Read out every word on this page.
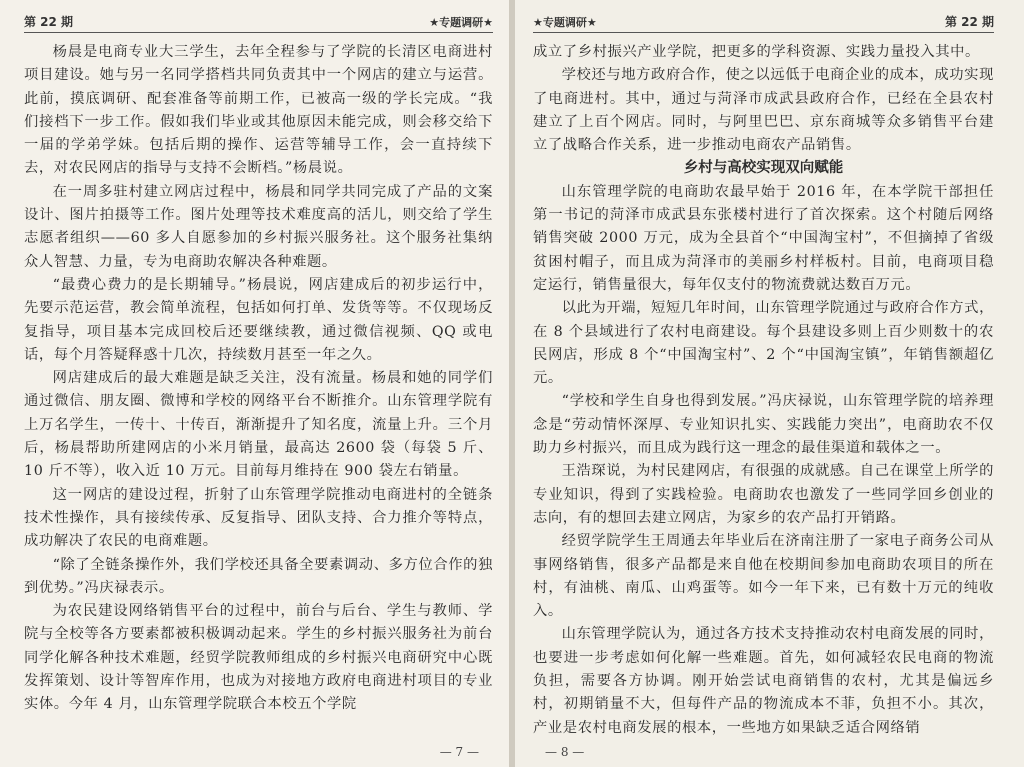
第 22 期	★专题调研★

杨晨是电商专业大三学生，去年全程参与了学院的长清区电商进村项目建设。她与另一名同学搭档共同负责其中一个网店的建立与运营。此前，摸底调研、配套准备等前期工作，已被高一级的学长完成。“我们接档下一步工作。假如我们毕业或其他原因未能完成，则会移交给下一届的学弟学妹。包括后期的操作、运营等辅导工作，会一直持续下去，对农民网店的指导与支持不会断档。”杨晨说。

在一周多驻村建立网店过程中，杨晨和同学共同完成了产品的文案设计、图片拍摄等工作。图片处理等技术难度高的活儿，则交给了学生志愿者组织——60 多人自愿参加的乡村振兴服务社。这个服务社集纳众人智慧、力量，专为电商助农解决各种难题。

“最费心费力的是长期辅导。”杨晨说，网店建成后的初步运行中，先要示范运营，教会简单流程，包括如何打单、发货等等。不仅现场反复指导，项目基本完成回校后还要继续教，通过微信视频、QQ 或电话，每个月答疑释惑十几次，持续数月甚至一年之久。

网店建成后的最大难题是缺乏关注，没有流量。杨晨和她的同学们通过微信、朋友圈、微博和学校的网络平台不断推介。山东管理学院有上万名学生，一传十、十传百，渐渐提升了知名度，流量上升。三个月后，杨晨帮助所建网店的小米月销量，最高达 2600 袋（每袋 5 斤、10 斤不等），收入近 10 万元。目前每月维持在 900 袋左右销量。

这一网店的建设过程，折射了山东管理学院推动电商进村的全链条技术性操作，具有接续传承、反复指导、团队支持、合力推介等特点，成功解决了农民的电商难题。

“除了全链条操作外，我们学校还具备全要素调动、多方位合作的独到优势。”冯庆禄表示。

为农民建设网络销售平台的过程中，前台与后台、学生与教师、学院与全校等各方要素都被积极调动起来。学生的乡村振兴服务社为前台同学化解各种技术难题，经贸学院教师组成的乡村振兴电商研究中心既发挥策划、设计等智库作用，也成为对接地方政府电商进村项目的专业实体。今年 4 月，山东管理学院联合本校五个学院

— 7 —
★专题调研★	第 22 期

成立了乡村振兴产业学院，把更多的学科资源、实践力量投入其中。

学校还与地方政府合作，使之以远低于电商企业的成本，成功实现了电商进村。其中，通过与菏泽市成武县政府合作，已经在全县农村建立了上百个网店。同时，与阿里巴巴、京东商城等众多销售平台建立了战略合作关系，进一步推动电商农产品销售。

乡村与高校实现双向赋能

山东管理学院的电商助农最早始于 2016 年，在本学院干部担任第一书记的菏泽市成武县东张楼村进行了首次探索。这个村随后网络销售突破 2000 万元，成为全县首个“中国淘宝村”，不但摘掉了省级贫困村帽子，而且成为菏泽市的美丽乡村样板村。目前，电商项目稳定运行，销售量很大，每年仅支付的物流费就达数百万元。

以此为开端，短短几年时间，山东管理学院通过与政府合作方式，在 8 个县域进行了农村电商建设。每个县建设多则上百少则数十的农民网店，形成 8 个“中国淘宝村”、2 个“中国淘宝镇”，年销售额超亿元。

“学校和学生自身也得到发展。”冯庆禄说，山东管理学院的培养理念是“劳动情怀深厚、专业知识扎实、实践能力突出”，电商助农不仅助力乡村振兴，而且成为践行这一理念的最佳渠道和载体之一。

王浩琛说，为村民建网店，有很强的成就感。自己在课堂上所学的专业知识，得到了实践检验。电商助农也激发了一些同学回乡创业的志向，有的想回去建立网店，为家乡的农产品打开销路。

经贸学院学生王周通去年毕业后在济南注册了一家电子商务公司从事网络销售，很多产品都是来自他在校期间参加电商助农项目的所在村，有油桃、南瓜、山鸡蛋等。如今一年下来，已有数十万元的纯收入。

山东管理学院认为，通过各方技术支持推动农村电商发展的同时，也要进一步考虑如何化解一些难题。首先，如何减轻农民电商的物流负担，需要各方协调。刚开始尝试电商销售的农村，尤其是偏远乡村，初期销量不大，但每件产品的物流成本不菲，负担不小。其次，产业是农村电商发展的根本，一些地方如果缺乏适合网络销

— 8 —
